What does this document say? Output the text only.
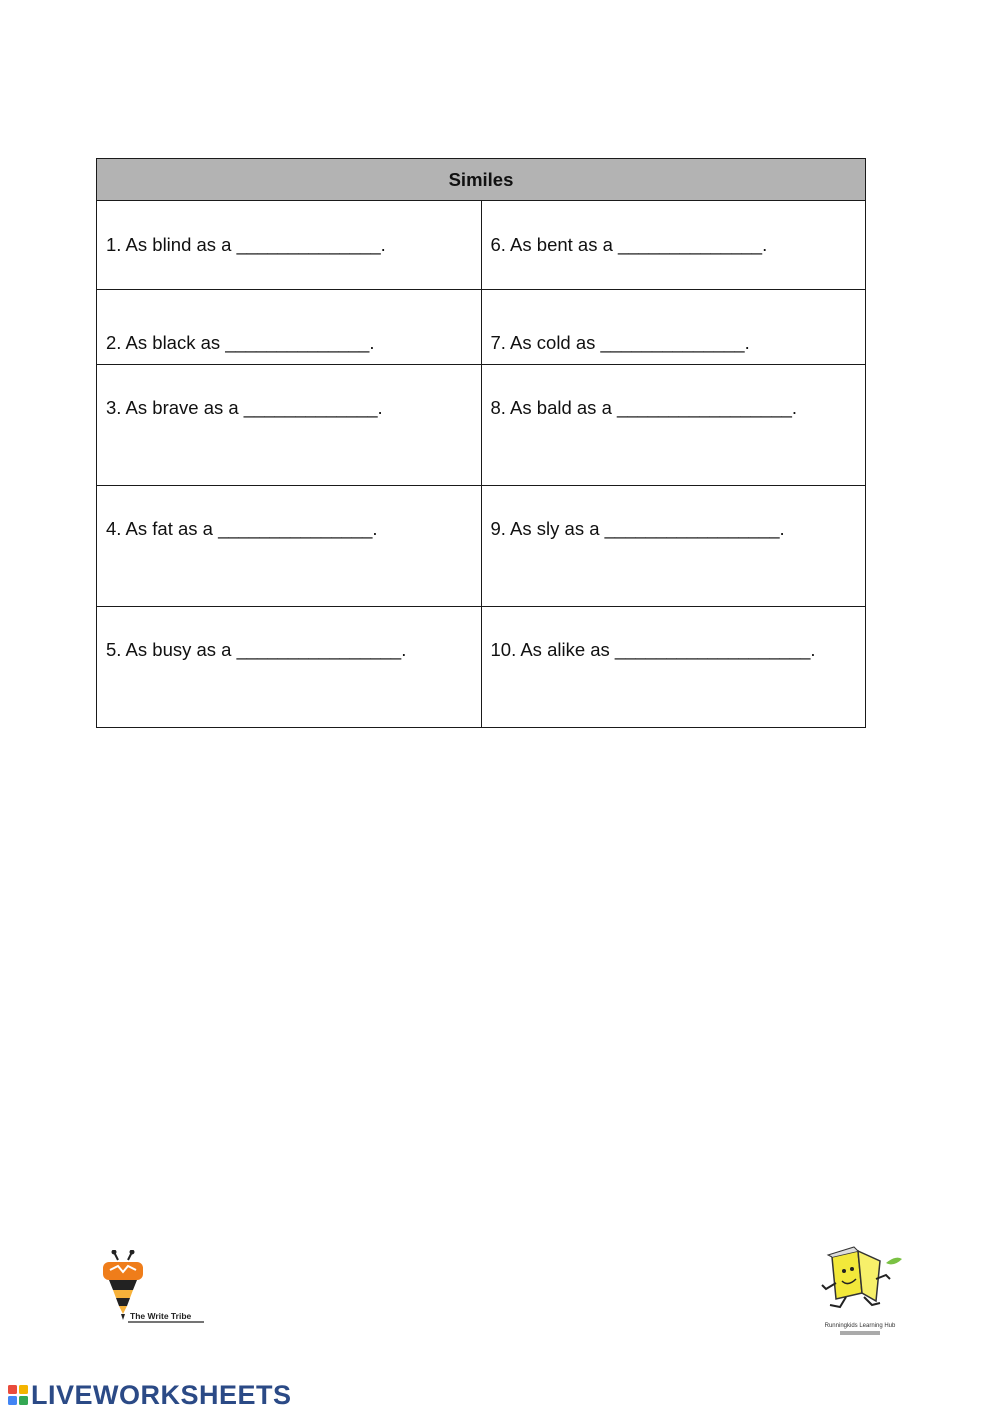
Similes	
1. As blind as a ______________.	6. As bent as a ______________.
2. As black as ______________.	7. As cold as ______________.
3. As brave as a _____________.	8. As bald as a _________________.
4. As fat as a _______________.	9. As sly as a _________________.
5. As busy as a ________________.	10. As alike as ___________________.
The Write Tribe
Runningkids Learning Hub
LIVEWORKSHEETS
